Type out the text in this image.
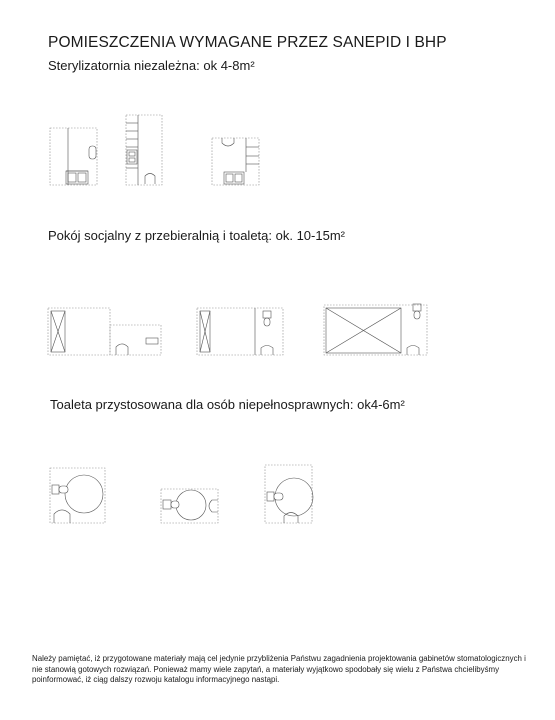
POMIESZCZENIA WYMAGANE PRZEZ SANEPID I BHP
Sterylizatornia niezależna: ok 4-8m²
Pokój socjalny z przebieralnią i toaletą: ok. 10-15m²
Toaleta przystosowana dla osób niepełnosprawnych: ok4-6m²
Należy pamiętać, iż przygotowane materiały mają cel jedynie przybliżenia Państwu zagadnienia projektowania gabinetów stomatologicznych i nie stanowią gotowych rozwiązań. Ponieważ mamy wiele zapytań, a materiały wyjątkowo spodobały się wielu z Państwa chcielibyśmy poinformować, iż ciąg dalszy rozwoju katalogu informacyjnego nastąpi.
